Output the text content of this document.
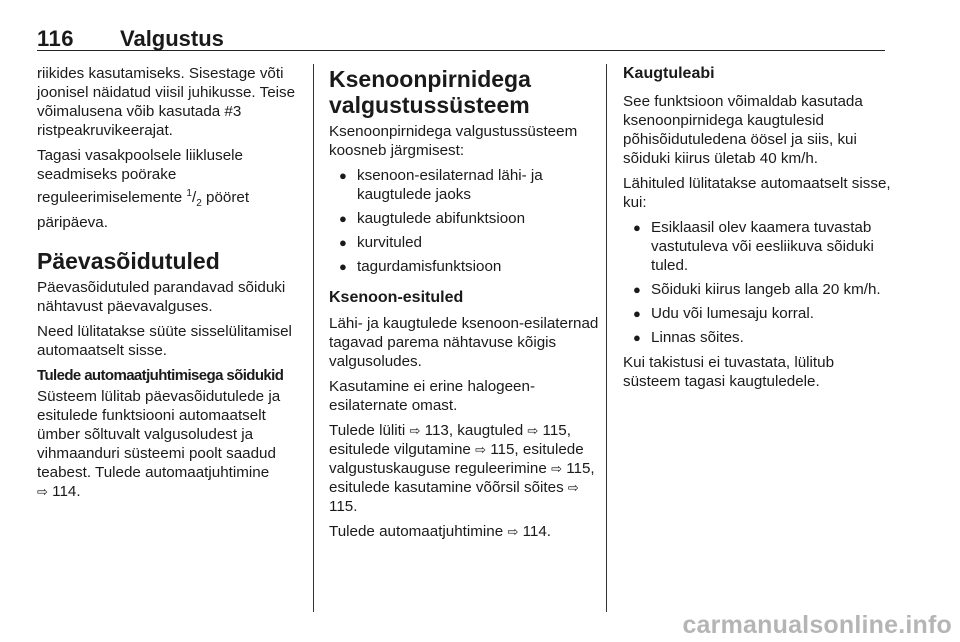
116 Valgustus

riikides kasutamiseks. Sisestage võti joonisel näidatud viisil juhikusse. Teise võimalusena võib kasutada #3 ristpeakruvikeerajat.

Tagasi vasakpoolsele liiklusele seadmiseks poörake reguleerimiselemente $^1/_2$ pööret päripäeva.

Päevasõidutuled

Päevasõidutuled parandavad sõiduki nähtavust päevavalguses.

Need lülitatakse süüte sisselülitamisel automaatselt sisse.

Tulede automaatjuhtimisega sõidukid

Süsteem lülitab päevasõidutulede ja esitulede funktsiooni automaatselt ümber sõltuvalt valgusoludest ja vihmaanduri süsteemi poolt saadud teabest. Tulede automaatjuhtimine
⇨ 114.

Ksenoonpirnidega valgustussüsteem

Ksenoonpirnidega valgustussüsteem koosneb järgmisest:

● ksenoon-esilaternad lähi- ja kaugtulede jaoks
● kaugtulede abifunktsioon
● kurvituled
● tagurdamisfunktsioon
Ksenoon-esituled

Lähi- ja kaugtulede ksenoon-esilaternad tagavad parema nähtavuse kõigis valgusoludes.

Kasutamine ei erine halogeen-esilaternate omast.

Tulede lüliti ⇨ 113, kaugtuled ⇨ 115, esitulede vilgutamine ⇨ 115, esitulede valgustuskauguse reguleerimine ⇨ 115, esitulede kasutamine võõrsil sõites ⇨ 115.

Tulede automaatjuhtimine ⇨ 114.

Kaugtuleabi

See funktsioon võimaldab kasutada ksenoonpirnidega kaugtulesid põhisõidutuledena öösel ja siis, kui sõiduki kiirus ületab 40 km/h.

Lähituled lülitatakse automaatselt sisse, kui:

● Esiklaasil olev kaamera tuvastab vastutuleva või eesliikuva sõiduki tuled.
● Sõiduki kiirus langeb alla 20 km/h.
● Udu või lumesaju korral.
● Linnas sõites.

Kui takistusi ei tuvastata, lülitub süsteem tagasi kaugtuledele.

carmanualsonline.info
